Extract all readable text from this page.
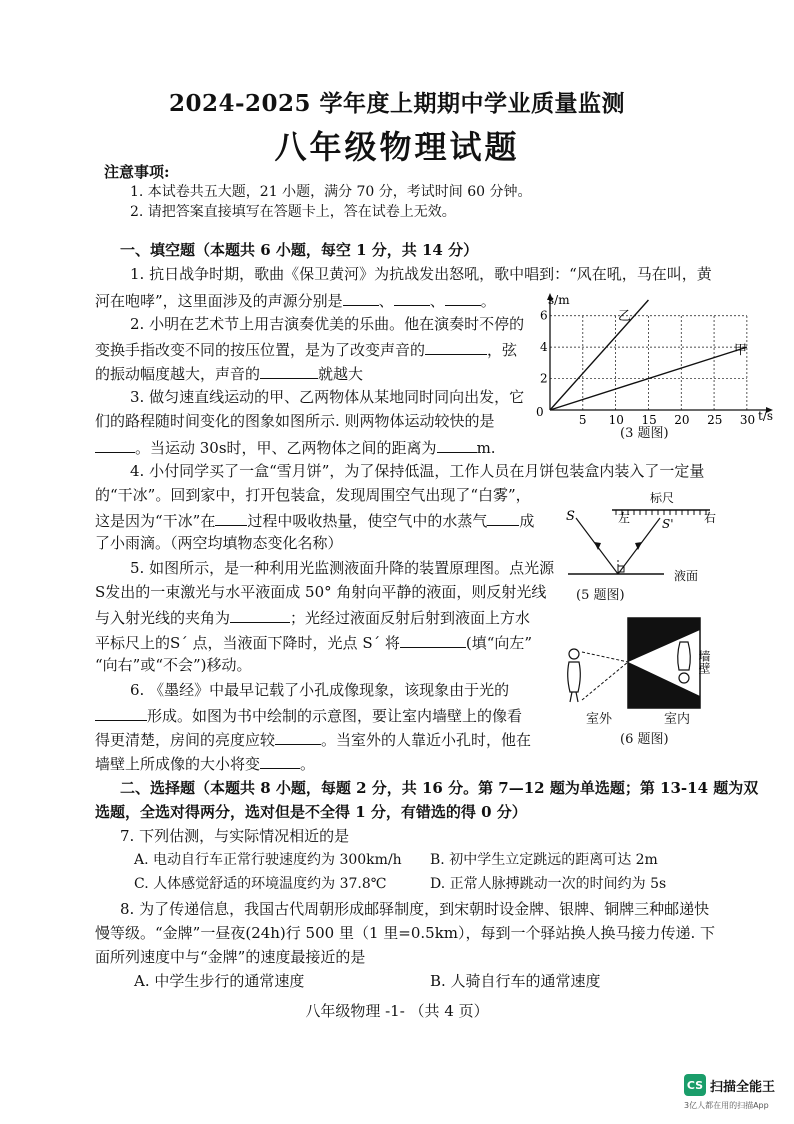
2024-2025 学年度上期期中学业质量监测
八年级物理试题
注意事项:
1. 本试卷共五大题，21 小题，满分 70 分，考试时间 60 分钟。
2. 请把答案直接填写在答题卡上，答在试卷上无效。
一、填空题（本题共 6 小题，每空 1 分，共 14 分）
1. 抗日战争时期，歌曲《保卫黄河》为抗战发出怒吼，歌中唱到：“风在吼，马在叫，黄
河在咆哮”，这里面涉及的声源分别是 、 、 。
2. 小明在艺术节上用吉演奏优美的乐曲。他在演奏时不停的
变换手指改变不同的按压位置，是为了改变声音的	，弦
的振动幅度越大，声音的	就越大
3. 做匀速直线运动的甲、乙两物体从某地同时同向出发，它
们的路程随时间变化的图象如图所示. 则两物体运动较快的是
。当运动 30s时，甲、乙两物体之间的距离为	m.
2
4
6
5 10 15 20 25 30
s/m
t/s
0
乙
甲
(3 题图)
4. 小付同学买了一盒“雪月饼”，为了保持低温，工作人员在月饼包装盒内装入了一定量
的“干冰”。回到家中，打开包装盒，发现周围空气出现了“白雾”，
这是因为“干冰”在 过程中吸收热量，使空气中的水蒸气 成
了小雨滴。（两空均填物态变化名称）
S	S'
左	右
标尺
液面
(5 题图)
5. 如图所示，是一种利用光监测液面升降的装置原理图。点光源
S发出的一束激光与水平液面成 50° 角射向平静的液面，则反射光线
与入射光线的夹角为	；光经过液面反射后射到液面上方水
平标尺上的S´ 点，当液面下降时，光点 S´ 将	(填“向左”
“向右”或“不会”)移动。	墙壁
室外	室内
(6 题图)
6. 《墨经》中最早记载了小孔成像现象，该现象由于光的
形成。如图为书中绘制的示意图，要让室内墙壁上的像看
得更清楚，房间的亮度应较	。当室外的人靠近小孔时，他在
墙壁上所成像的大小将变	。
二、选择题（本题共 8 小题，每题 2 分，共 16 分。第 7—12 题为单选题；第 13-14 题为双
选题，全选对得两分，选对但是不全得 1 分，有错选的得 0 分）
7. 下列估测，与实际情况相近的是
A. 电动自行车正常行驶速度约为 300km/h B. 初中学生立定跳远的距离可达 2m
C. 人体感觉舒适的环境温度约为 37.8℃	D. 正常人脉搏跳动一次的时间约为 5s
8. 为了传递信息，我国古代周朝形成邮驿制度，到宋朝时设金牌、银牌、铜牌三种邮递快
慢等级。“金牌”一昼夜(24h)行 500 里（1 里=0.5km），每到一个驿站换人换马接力传递. 下
面所列速度中与“金牌”的速度最接近的是
A. 中学生步行的通常速度	B. 人骑自行车的通常速度
八年级物理 -1- （共 4 页）
CS 扫描全能王
3亿人都在用的扫描App
